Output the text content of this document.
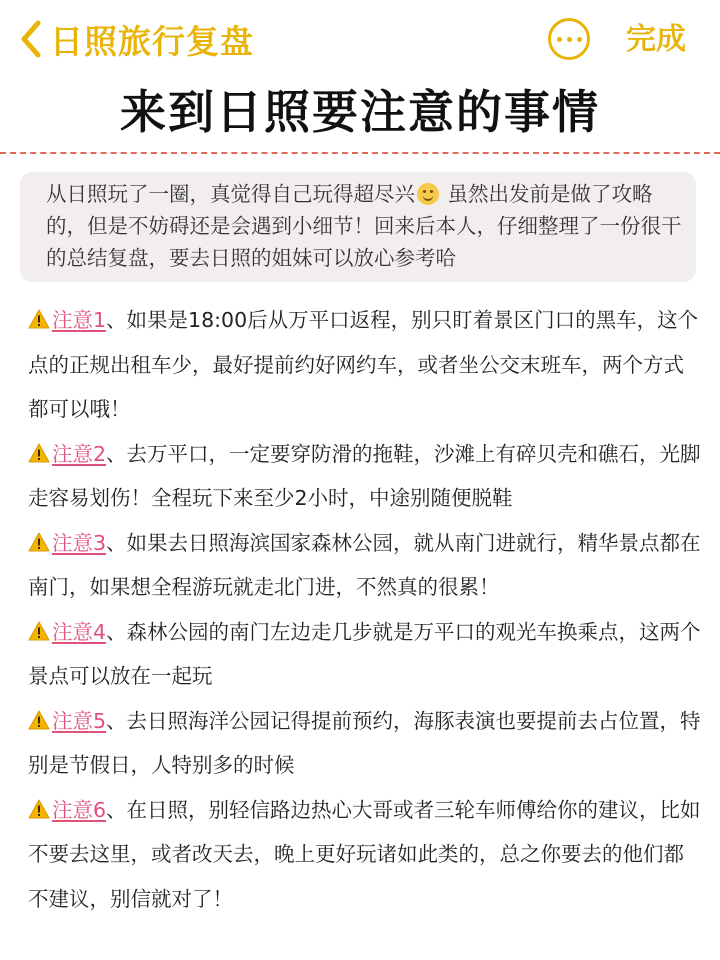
日照旅行复盘	完成
来到日照要注意的事情
从日照玩了一圈，真觉得自己玩得超尽兴
虽然出发前是做了攻略的，但是不妨碍还是会遇到小细节！回来后本人，仔细整理了一份很干的总结复盘，要去日照的姐妹可以放心参考哈
注意1、如果是18:00后从万平口返程，别只盯着景区门口的黑车，这个点的正规出租车少，最好提前约好网约车，或者坐公交末班车，两个方式都可以哦！
注意2、去万平口，一定要穿防滑的拖鞋，沙滩上有碎贝壳和礁石，光脚走容易划伤！全程玩下来至少2小时，中途别随便脱鞋
注意3、如果去日照海滨国家森林公园，就从南门进就行，精华景点都在南门，如果想全程游玩就走北门进，不然真的很累！
注意4、森林公园的南门左边走几步就是万平口的观光车换乘点，这两个景点可以放在一起玩
注意5、去日照海洋公园记得提前预约，海豚表演也要提前去占位置，特别是节假日，人特别多的时候
注意6、在日照，别轻信路边热心大哥或者三轮车师傅给你的建议，比如不要去这里，或者改天去，晚上更好玩诸如此类的，总之你要去的他们都不建议，别信就对了！
